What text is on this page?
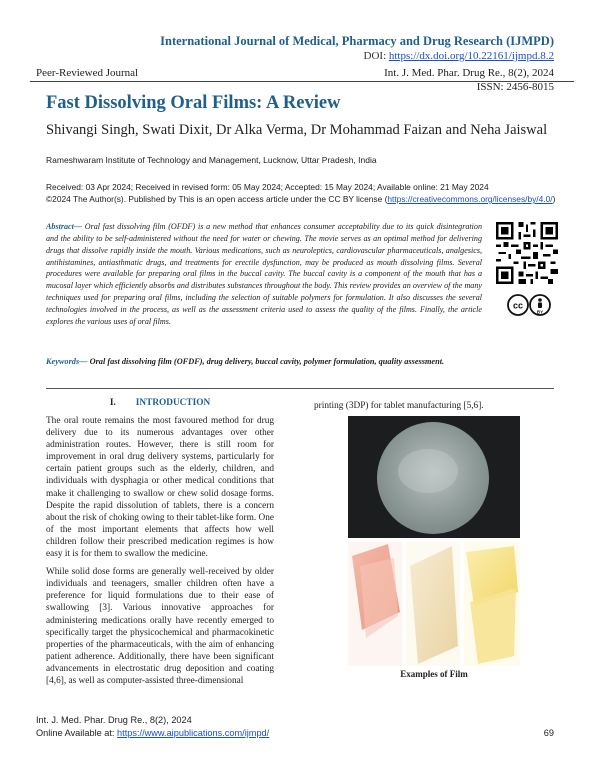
International Journal of Medical, Pharmacy and Drug Research (IJMPD)
DOI: https://dx.doi.org/10.22161/ijmpd.8.2
Peer-Reviewed Journal	Int. J. Med. Phar. Drug Re., 8(2), 2024
ISSN: 2456-8015
Fast Dissolving Oral Films: A Review
Shivangi Singh, Swati Dixit, Dr Alka Verma, Dr Mohammad Faizan and Neha Jaiswal
Rameshwaram Institute of Technology and Management, Lucknow, Uttar Pradesh, India
Received: 03 Apr 2024; Received in revised form: 05 May 2024; Accepted: 15 May 2024; Available online: 21 May 2024
©2024 The Author(s). Published by This is an open access article under the CC BY license (https://creativecommons.org/licenses/by/4.0/)
Abstract— Oral fast dissolving film (OFDF) is a new method that enhances consumer acceptability due to its quick disintegration and the ability to be self-administered without the need for water or chewing. The movie serves as an optimal method for delivering drugs that dissolve rapidly inside the mouth. Various medications, such as neuroleptics, cardiovascular pharmaceuticals, analgesics, antihistamines, antiasthmatic drugs, and treatments for erectile dysfunction, may be produced as mouth dissolving films. Several procedures were available for preparing oral films in the buccal cavity. The buccal cavity is a component of the mouth that has a mucosal layer which efficiently absorbs and distributes substances throughout the body. This review provides an overview of the many techniques used for preparing oral films, including the selection of suitable polymers for formulation. It also discusses the several technologies involved in the process, as well as the assessment criteria used to assess the quality of the films. Finally, the article explores the various uses of oral films.
Keywords— Oral fast dissolving film (OFDF), drug delivery, buccal cavity, polymer formulation, quality assessment.
cc
BY
I. INTRODUCTION

The oral route remains the most favoured method for drug delivery due to its numerous advantages over other administration routes. However, there is still room for improvement in oral drug delivery systems, particularly for certain patient groups such as the elderly, children, and individuals with dysphagia or other medical conditions that make it challenging to swallow or chew solid dosage forms. Despite the rapid dissolution of tablets, there is a concern about the risk of choking owing to their tablet-like form. One of the most important elements that affects how well children follow their prescribed medication regimes is how easy it is for them to swallow the medicine.

While solid dose forms are generally well-received by older individuals and teenagers, smaller children often have a preference for liquid formulations due to their ease of swallowing [3]. Various innovative approaches for administering medications orally have recently emerged to specifically target the physicochemical and pharmacokinetic properties of the pharmaceuticals, with the aim of enhancing patient adherence. Additionally, there have been significant advancements in electrostatic drug deposition and coating [4,6], as well as computer-assisted three-dimensional

printing (3DP) for tablet manufacturing [5,6].
Examples of Film
Int. J. Med. Phar. Drug Re., 8(2), 2024
Online Available at: https://www.aipublications.com/ijmpd/	69
